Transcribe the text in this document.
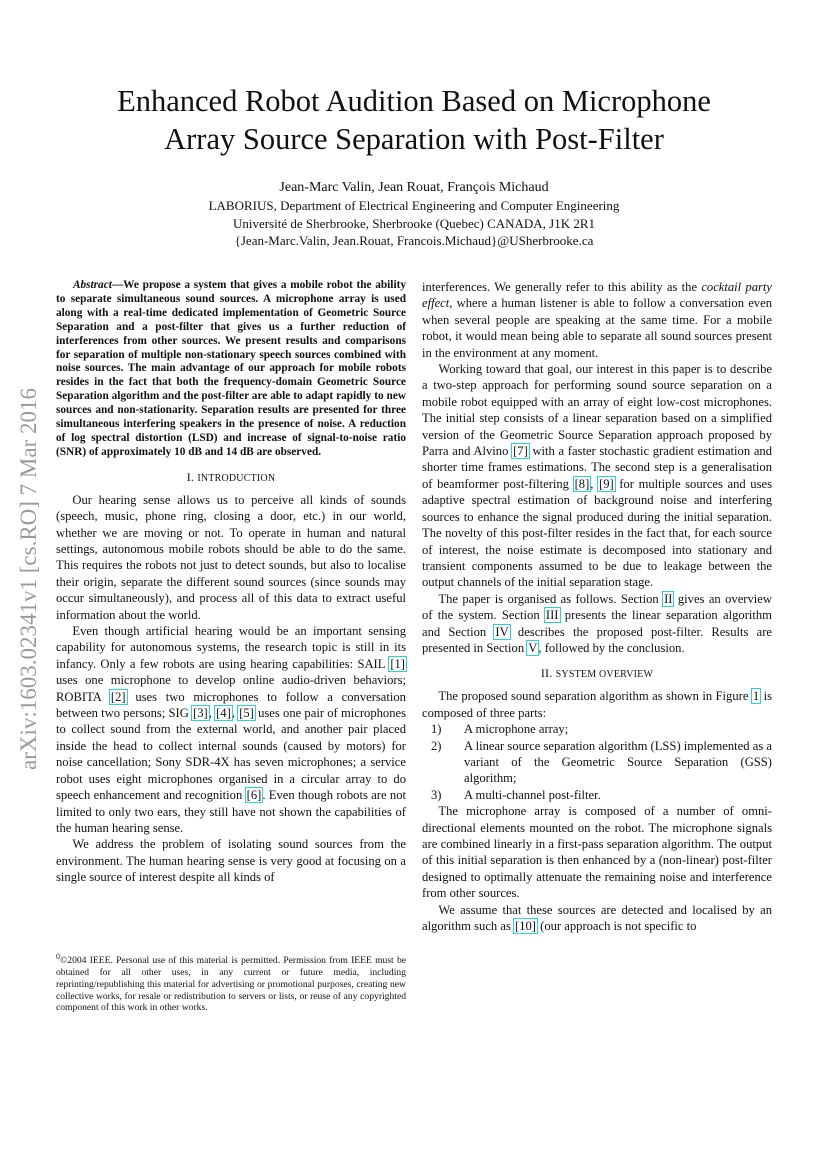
arXiv:1603.02341v1 [cs.RO] 7 Mar 2016
Enhanced Robot Audition Based on Microphone
Array Source Separation with Post-Filter
Jean-Marc Valin, Jean Rouat, François Michaud
LABORIUS, Department of Electrical Engineering and Computer Engineering
Université de Sherbrooke, Sherbrooke (Quebec) CANADA, J1K 2R1
{Jean-Marc.Valin, Jean.Rouat, Francois.Michaud}@USherbrooke.ca

Abstract—We propose a system that gives a mobile robot the ability to separate simultaneous sound sources. A microphone array is used along with a real-time dedicated implementation of Geometric Source Separation and a post-filter that gives us a further reduction of interferences from other sources. We present results and comparisons for separation of multiple non-stationary speech sources combined with noise sources. The main advantage of our approach for mobile robots resides in the fact that both the frequency-domain Geometric Source Separation algorithm and the post-filter are able to adapt rapidly to new sources and non-stationarity. Separation results are presented for three simultaneous interfering speakers in the presence of noise. A reduction of log spectral distortion (LSD) and increase of signal-to-noise ratio (SNR) of approximately 10 dB and 14 dB are observed.

I. INTRODUCTION

Our hearing sense allows us to perceive all kinds of sounds (speech, music, phone ring, closing a door, etc.) in our world, whether we are moving or not. To operate in human and natural settings, autonomous mobile robots should be able to do the same. This requires the robots not just to detect sounds, but also to localise their origin, separate the different sound sources (since sounds may occur simultaneously), and process all of this data to extract useful information about the world.

Even though artificial hearing would be an important sensing capability for autonomous systems, the research topic is still in its infancy. Only a few robots are using hearing capabilities: SAIL [1] uses one microphone to develop online audio-driven behaviors; ROBITA [2] uses two microphones to follow a conversation between two persons; SIG [3], [4], [5] uses one pair of microphones to collect sound from the external world, and another pair placed inside the head to collect internal sounds (caused by motors) for noise cancellation; Sony SDR-4X has seven microphones; a service robot uses eight microphones organised in a circular array to do speech enhancement and recognition [6]. Even though robots are not limited to only two ears, they still have not shown the capabilities of the human hearing sense.

We address the problem of isolating sound sources from the environment. The human hearing sense is very good at focusing on a single source of interest despite all kinds of

$^0$©2004 IEEE. Personal use of this material is permitted. Permission from IEEE must be obtained for all other uses, in any current or future media, including reprinting/republishing this material for advertising or promotional purposes, creating new collective works, for resale or redistribution to servers or lists, or reuse of any copyrighted component of this work in other works.

interferences. We generally refer to this ability as the cocktail party effect, where a human listener is able to follow a conversation even when several people are speaking at the same time. For a mobile robot, it would mean being able to separate all sound sources present in the environment at any moment.

Working toward that goal, our interest in this paper is to describe a two-step approach for performing sound source separation on a mobile robot equipped with an array of eight low-cost microphones. The initial step consists of a linear separation based on a simplified version of the Geometric Source Separation approach proposed by Parra and Alvino [7] with a faster stochastic gradient estimation and shorter time frames estimations. The second step is a generalisation of beamformer post-filtering [8], [9] for multiple sources and uses adaptive spectral estimation of background noise and interfering sources to enhance the signal produced during the initial separation. The novelty of this post-filter resides in the fact that, for each source of interest, the noise estimate is decomposed into stationary and transient components assumed to be due to leakage between the output channels of the initial separation stage.

The paper is organised as follows. Section II gives an overview of the system. Section III presents the linear separation algorithm and Section IV describes the proposed post-filter. Results are presented in Section V, followed by the conclusion.

II. SYSTEM OVERVIEW

The proposed sound separation algorithm as shown in Figure 1 is composed of three parts:

1) A microphone array;
2) A linear source separation algorithm (LSS) implemented as a variant of the Geometric Source Separation (GSS) algorithm;
3) A multi-channel post-filter.

The microphone array is composed of a number of omni-directional elements mounted on the robot. The microphone signals are combined linearly in a first-pass separation algorithm. The output of this initial separation is then enhanced by a (non-linear) post-filter designed to optimally attenuate the remaining noise and interference from other sources.

We assume that these sources are detected and localised by an algorithm such as [10] (our approach is not specific to
